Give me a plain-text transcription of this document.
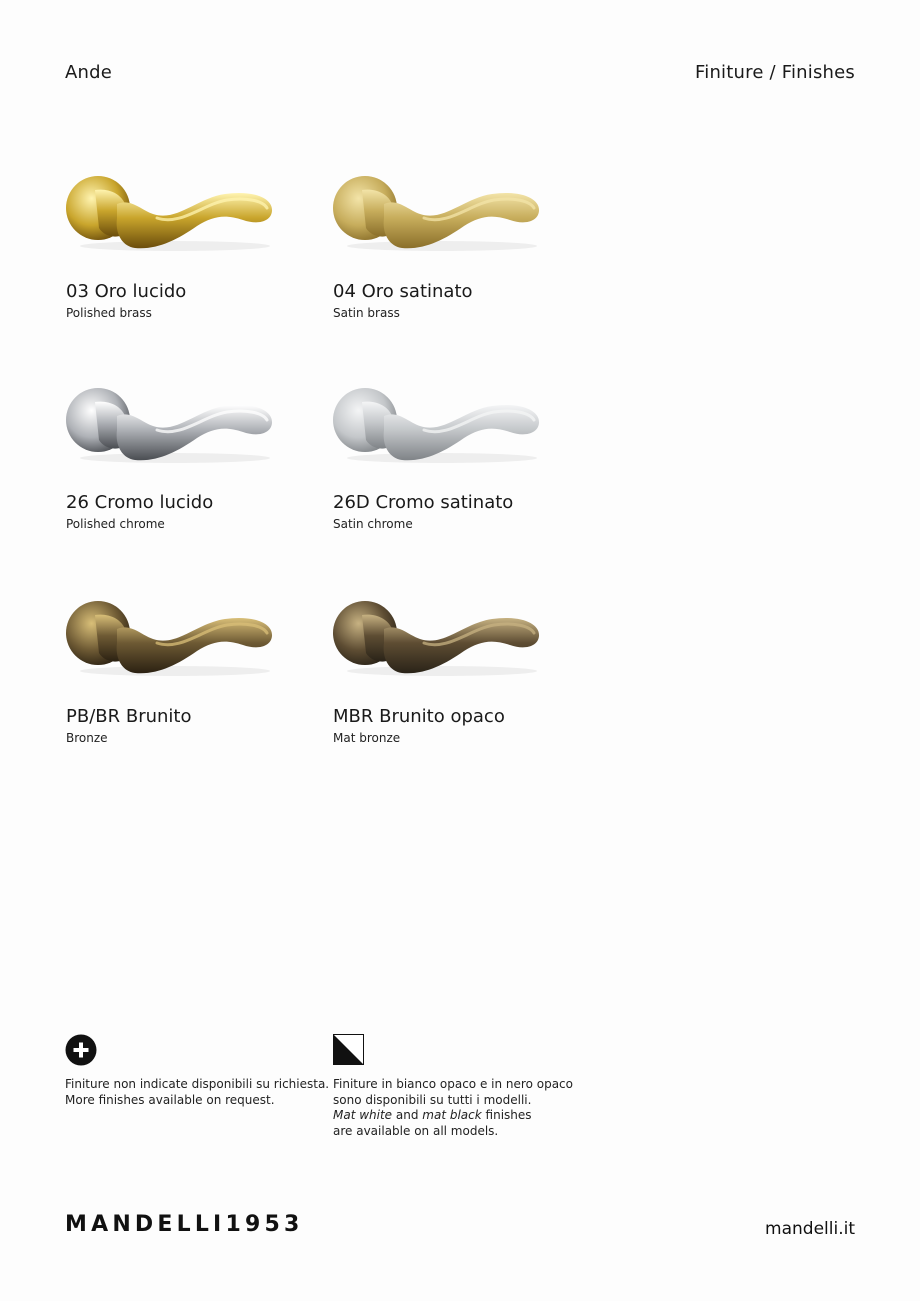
Ande	Finiture / Finishes
03 Oro lucido
Polished brass
04 Oro satinato
Satin brass
26 Cromo lucido
Polished chrome
26D Cromo satinato
Satin chrome
PB/BR Brunito
Bronze
MBR Brunito opaco
Mat bronze
Finiture non indicate disponibili su richiesta.
More finishes available on request.
Finiture in bianco opaco e in nero opaco
sono disponibili su tutti i modelli.
Mat white and mat black finishes
are available on all models.
MANDELLI1953	mandelli.it
